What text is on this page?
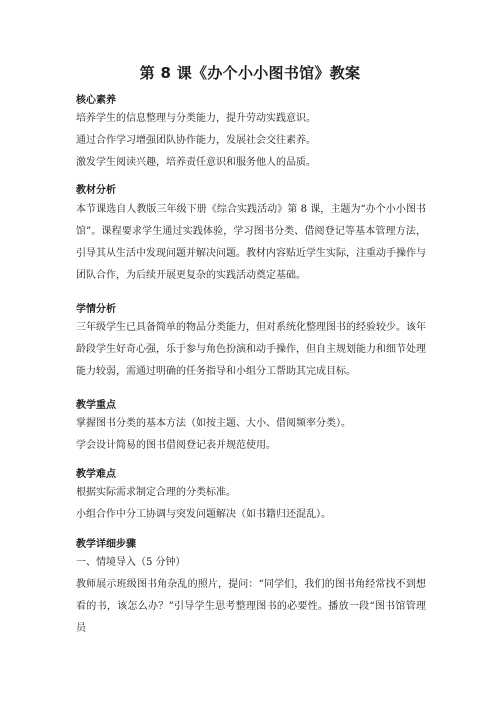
第 8 课《办个小小图书馆》教案
核心素养

培养学生的信息整理与分类能力，提升劳动实践意识。

通过合作学习增强团队协作能力，发展社会交往素养。

激发学生阅读兴趣，培养责任意识和服务他人的品质。

教材分析

本节课选自人教版三年级下册《综合实践活动》第 8 课，主题为“办个小小图书馆”。课程要求学生通过实践体验，学习图书分类、借阅登记等基本管理方法，引导其从生活中发现问题并解决问题。教材内容贴近学生实际，注重动手操作与团队合作，为后续开展更复杂的实践活动奠定基础。

学情分析

三年级学生已具备简单的物品分类能力，但对系统化整理图书的经验较少。该年龄段学生好奇心强，乐于参与角色扮演和动手操作，但自主规划能力和细节处理能力较弱，需通过明确的任务指导和小组分工帮助其完成目标。

教学重点

掌握图书分类的基本方法（如按主题、大小、借阅频率分类）。

学会设计简易的图书借阅登记表并规范使用。

教学难点

根据实际需求制定合理的分类标准。

小组合作中分工协调与突发问题解决（如书籍归还混乱）。

教学详细步骤

一、情境导入（5 分钟）

教师展示班级图书角杂乱的照片，提问：“同学们，我们的图书角经常找不到想看的书，该怎么办？”引导学生思考整理图书的必要性。播放一段“图书馆管理员
